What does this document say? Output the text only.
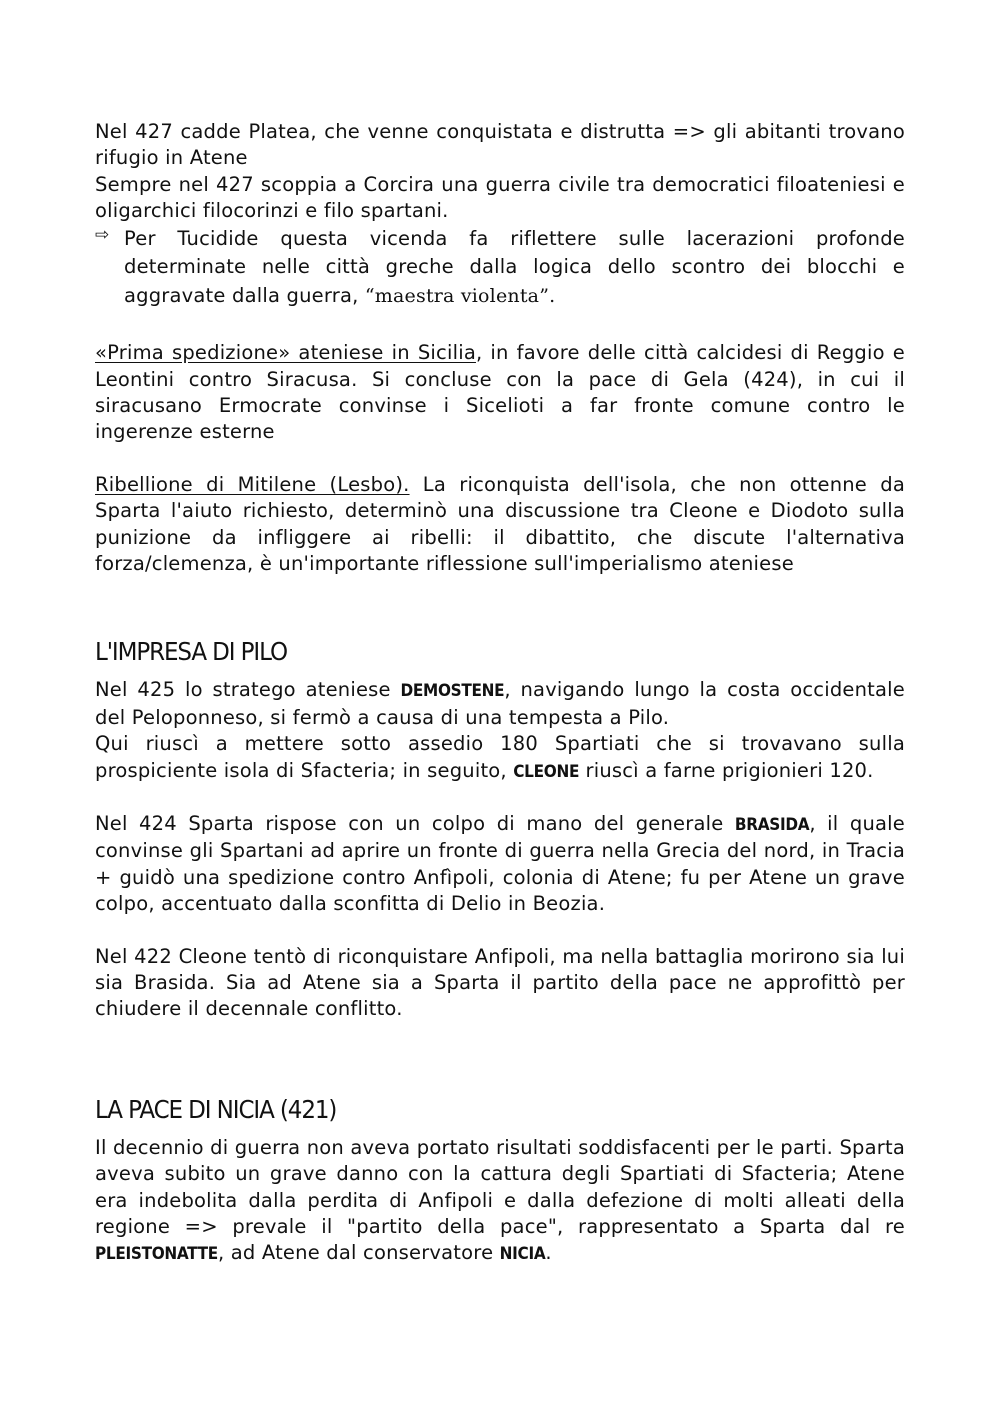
Nel 427 cadde Platea, che venne conquistata e distrutta => gli abitanti trovano rifugio in Atene

Sempre nel 427 scoppia a Corcira una guerra civile tra democratici filoateniesi e oligarchici filocorinzi e filo spartani.

⇨ Per Tucidide questa vicenda fa riflettere sulle lacerazioni profonde determinate nelle città greche dalla logica dello scontro dei blocchi e aggravate dalla guerra, “maestra violenta”.

«Prima spedizione» ateniese in Sicilia, in favore delle città calcidesi di Reggio e Leontini contro Siracusa. Si concluse con la pace di Gela (424), in cui il siracusano Ermocrate convinse i Sicelioti a far fronte comune contro le ingerenze esterne

Ribellione di Mitilene (Lesbo). La riconquista dell'isola, che non ottenne da Sparta l'aiuto richiesto, determinò una discussione tra Cleone e Diodoto sulla punizione da infliggere ai ribelli: il dibattito, che discute l'alternativa forza/clemenza, è un'importante riflessione sull'imperialismo ateniese

L'IMPRESA DI PILO

Nel 425 lo stratego ateniese DEMOSTENE, navigando lungo la costa occidentale del Peloponneso, si fermò a causa di una tempesta a Pilo.

Qui riuscì a mettere sotto assedio 180 Spartiati che si trovavano sulla prospiciente isola di Sfacteria; in seguito, CLEONE riuscì a farne prigionieri 120.

Nel 424 Sparta rispose con un colpo di mano del generale BRASIDA, il quale convinse gli Spartani ad aprire un fronte di guerra nella Grecia del nord, in Tracia + guidò una spedizione contro Anfìpoli, colonia di Atene; fu per Atene un grave colpo, accentuato dalla sconfitta di Delio in Beozia.

Nel 422 Cleone tentò di riconquistare Anfipoli, ma nella battaglia morirono sia lui sia Brasida. Sia ad Atene sia a Sparta il partito della pace ne approfittò per chiudere il decennale conflitto.

LA PACE DI NICIA (421)

Il decennio di guerra non aveva portato risultati soddisfacenti per le parti. Sparta aveva subito un grave danno con la cattura degli Spartiati di Sfacteria; Atene era indebolita dalla perdita di Anfipoli e dalla defezione di molti alleati della regione => prevale il "partito della pace", rappresentato a Sparta dal re PLEISTONATTE, ad Atene dal conservatore NICIA.
